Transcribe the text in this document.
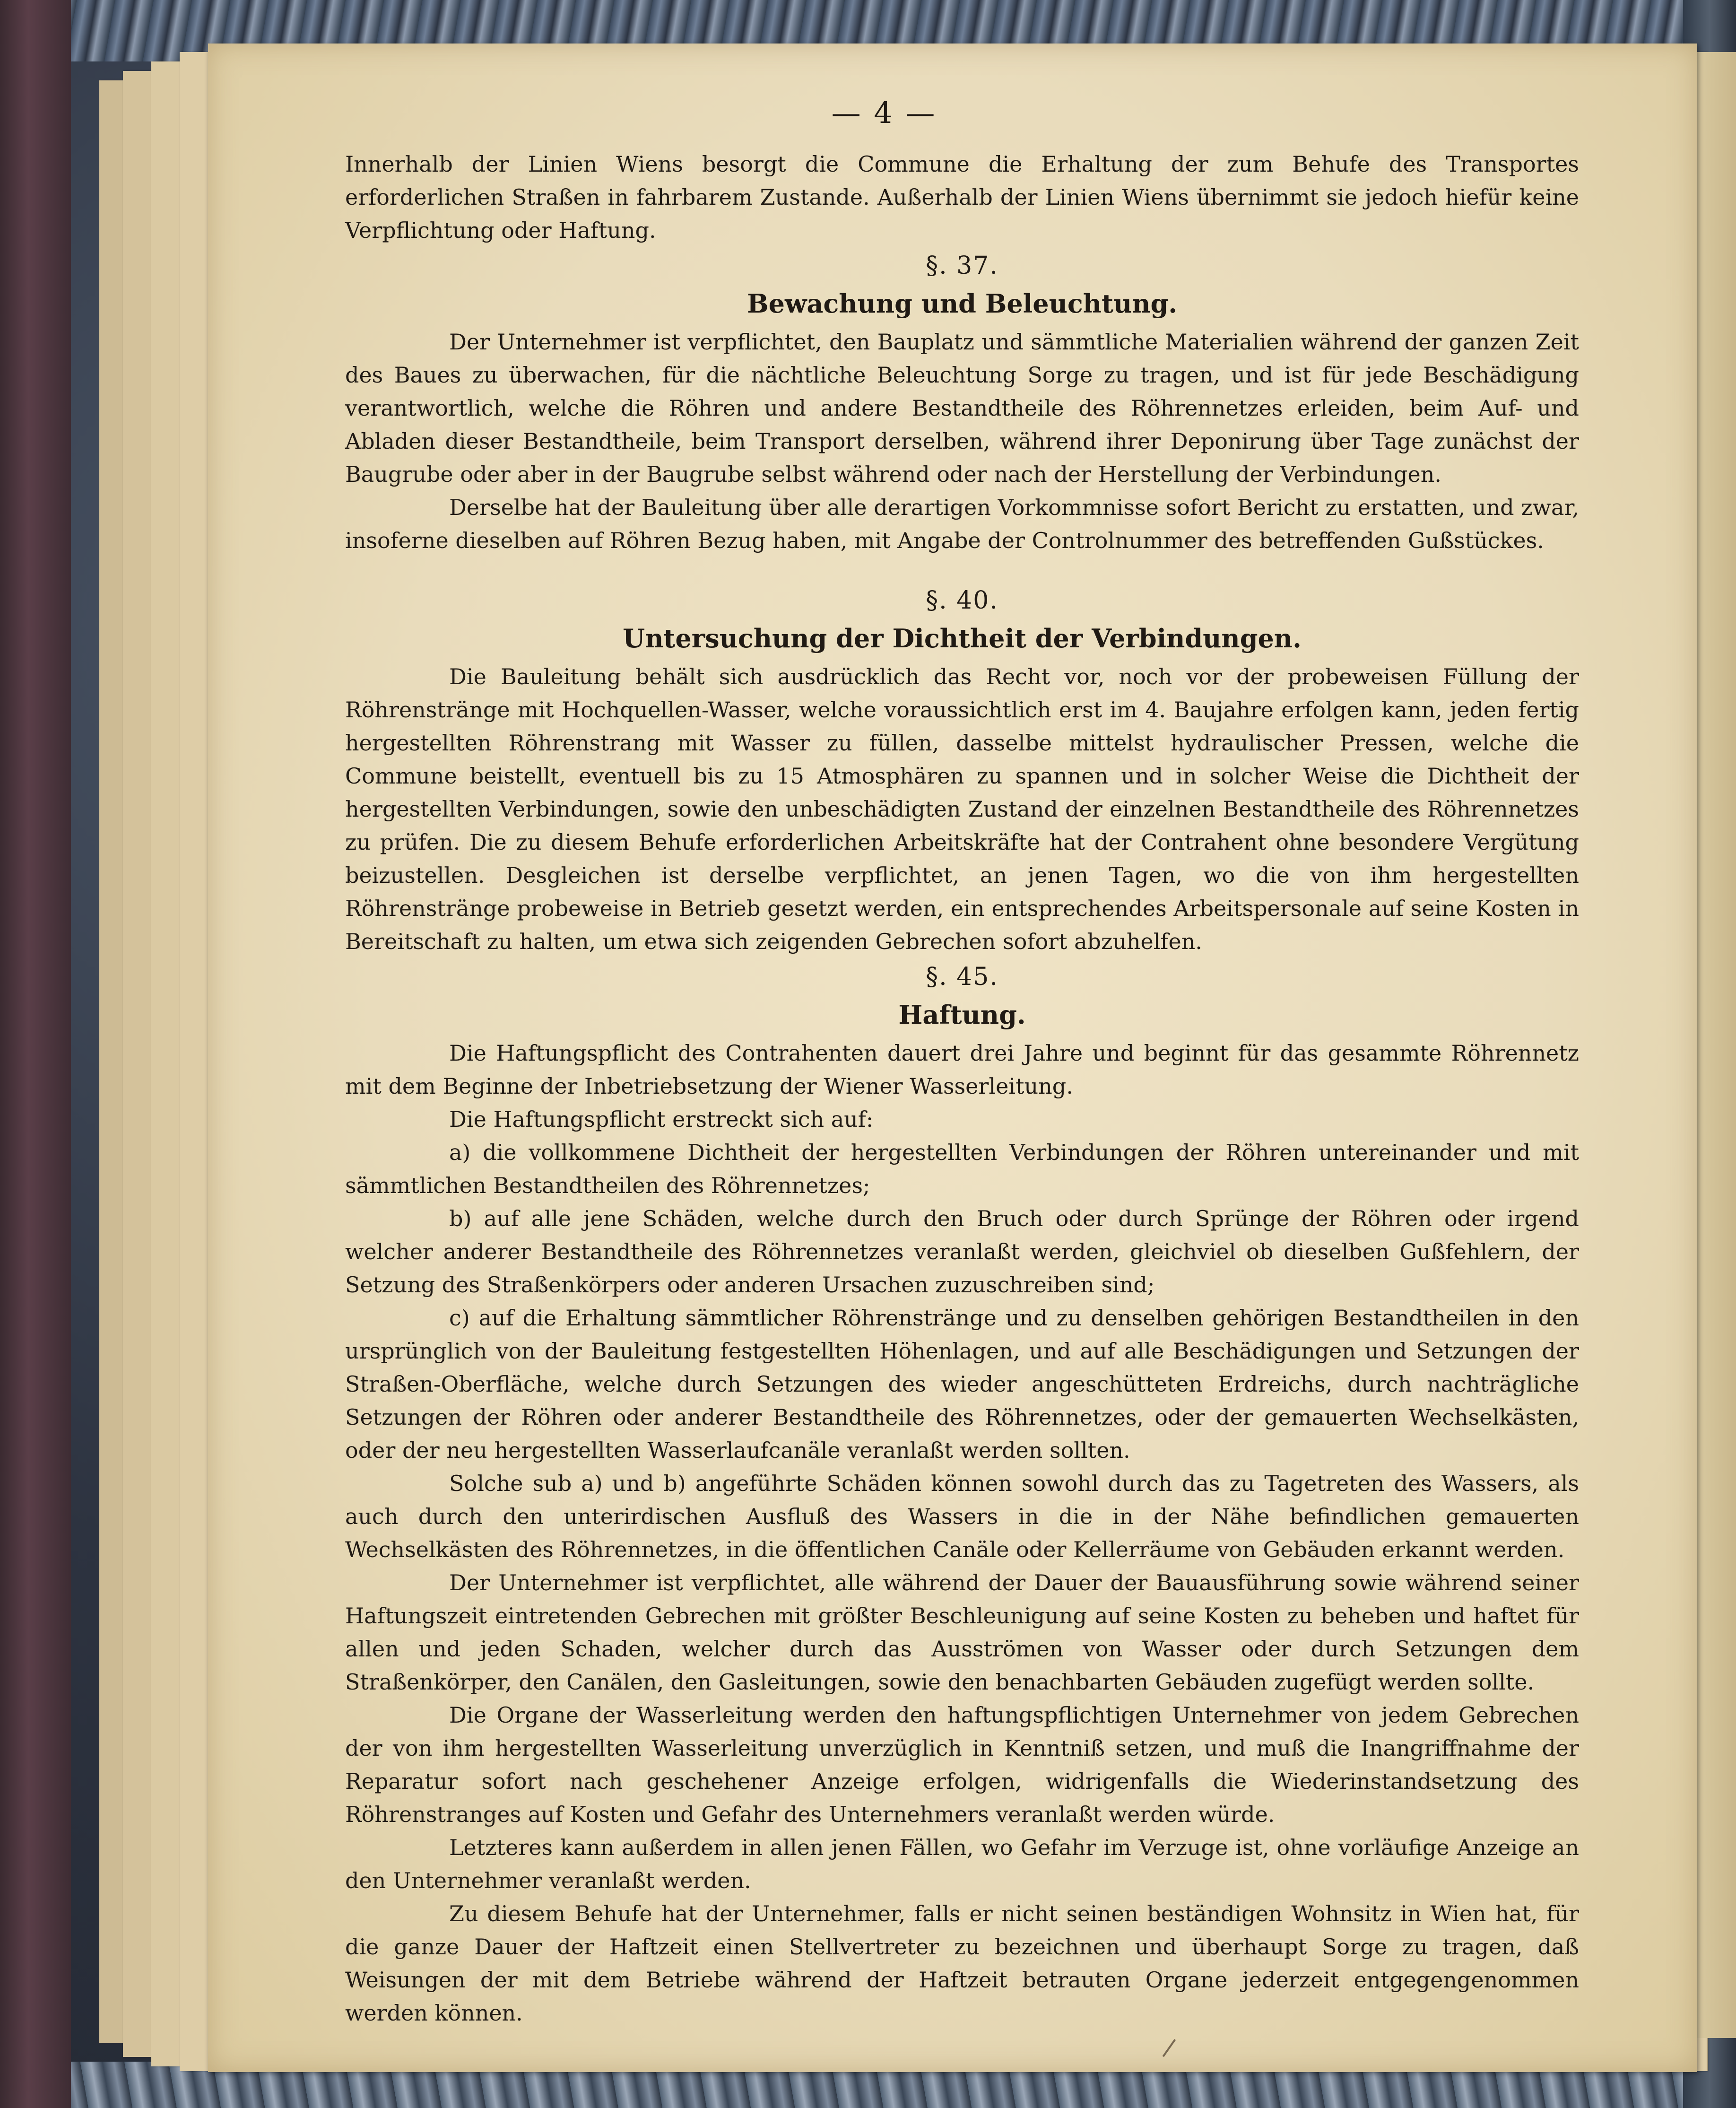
— 4 —

Innerhalb der Linien Wiens besorgt die Commune die Erhaltung der zum Behufe des Transportes erforderlichen Straßen in fahrbarem Zustande. Außerhalb der Linien Wiens übernimmt sie jedoch hiefür keine Verpflichtung oder Haftung.

§. 37.

Bewachung und Beleuchtung.

Der Unternehmer ist verpflichtet, den Bauplatz und sämmtliche Materialien während der ganzen Zeit des Baues zu überwachen, für die nächtliche Beleuchtung Sorge zu tragen, und ist für jede Beschädigung verantwortlich, welche die Röhren und andere Bestandtheile des Röhrennetzes erleiden, beim Auf- und Abladen dieser Bestandtheile, beim Transport derselben, während ihrer Deponirung über Tage zunächst der Baugrube oder aber in der Baugrube selbst während oder nach der Herstellung der Verbindungen.

Derselbe hat der Bauleitung über alle derartigen Vorkommnisse sofort Bericht zu erstatten, und zwar, insoferne dieselben auf Röhren Bezug haben, mit Angabe der Controlnummer des betreffenden Gußstückes.

§. 40.

Untersuchung der Dichtheit der Verbindungen.

Die Bauleitung behält sich ausdrücklich das Recht vor, noch vor der probeweisen Füllung der Röhrenstränge mit Hochquellen-Wasser, welche voraussichtlich erst im 4. Baujahre erfolgen kann, jeden fertig hergestellten Röhrenstrang mit Wasser zu füllen, dasselbe mittelst hydraulischer Pressen, welche die Commune beistellt, eventuell bis zu 15 Atmosphären zu spannen und in solcher Weise die Dichtheit der hergestellten Verbindungen, sowie den unbeschädigten Zustand der einzelnen Bestandtheile des Röhrennetzes zu prüfen. Die zu diesem Behufe erforderlichen Arbeitskräfte hat der Contrahent ohne besondere Vergütung beizustellen. Desgleichen ist derselbe verpflichtet, an jenen Tagen, wo die von ihm hergestellten Röhrenstränge probeweise in Betrieb gesetzt werden, ein entsprechendes Arbeitspersonale auf seine Kosten in Bereitschaft zu halten, um etwa sich zeigenden Gebrechen sofort abzuhelfen.

§. 45.

Haftung.

Die Haftungspflicht des Contrahenten dauert drei Jahre und beginnt für das gesammte Röhrennetz mit dem Beginne der Inbetriebsetzung der Wiener Wasserleitung.

Die Haftungspflicht erstreckt sich auf:

a) die vollkommene Dichtheit der hergestellten Verbindungen der Röhren untereinander und mit sämmtlichen Bestandtheilen des Röhrennetzes;

b) auf alle jene Schäden, welche durch den Bruch oder durch Sprünge der Röhren oder irgend welcher anderer Bestandtheile des Röhrennetzes veranlaßt werden, gleichviel ob dieselben Gußfehlern, der Setzung des Straßenkörpers oder anderen Ursachen zuzuschreiben sind;

c) auf die Erhaltung sämmtlicher Röhrenstränge und zu denselben gehörigen Bestandtheilen in den ursprünglich von der Bauleitung festgestellten Höhenlagen, und auf alle Beschädigungen und Setzungen der Straßen-Oberfläche, welche durch Setzungen des wieder angeschütteten Erdreichs, durch nachträgliche Setzungen der Röhren oder anderer Bestandtheile des Röhrennetzes, oder der gemauerten Wechselkästen, oder der neu hergestellten Wasserlaufcanäle veranlaßt werden sollten.

Solche sub a) und b) angeführte Schäden können sowohl durch das zu Tagetreten des Wassers, als auch durch den unterirdischen Ausfluß des Wassers in die in der Nähe befindlichen gemauerten Wechselkästen des Röhrennetzes, in die öffentlichen Canäle oder Kellerräume von Gebäuden erkannt werden.

Der Unternehmer ist verpflichtet, alle während der Dauer der Bauausführung sowie während seiner Haftungszeit eintretenden Gebrechen mit größter Beschleunigung auf seine Kosten zu beheben und haftet für allen und jeden Schaden, welcher durch das Ausströmen von Wasser oder durch Setzungen dem Straßenkörper, den Canälen, den Gasleitungen, sowie den benachbarten Gebäuden zugefügt werden sollte.

Die Organe der Wasserleitung werden den haftungspflichtigen Unternehmer von jedem Gebrechen der von ihm hergestellten Wasserleitung unverzüglich in Kenntniß setzen, und muß die Inangriffnahme der Reparatur sofort nach geschehener Anzeige erfolgen, widrigenfalls die Wiederinstandsetzung des Röhrenstranges auf Kosten und Gefahr des Unternehmers veranlaßt werden würde.

Letzteres kann außerdem in allen jenen Fällen, wo Gefahr im Verzuge ist, ohne vorläufige Anzeige an den Unternehmer veranlaßt werden.

Zu diesem Behufe hat der Unternehmer, falls er nicht seinen beständigen Wohnsitz in Wien hat, für die ganze Dauer der Haftzeit einen Stellvertreter zu bezeichnen und überhaupt Sorge zu tragen, daß Weisungen der mit dem Betriebe während der Haftzeit betrauten Organe jederzeit entgegengenommen werden können.
